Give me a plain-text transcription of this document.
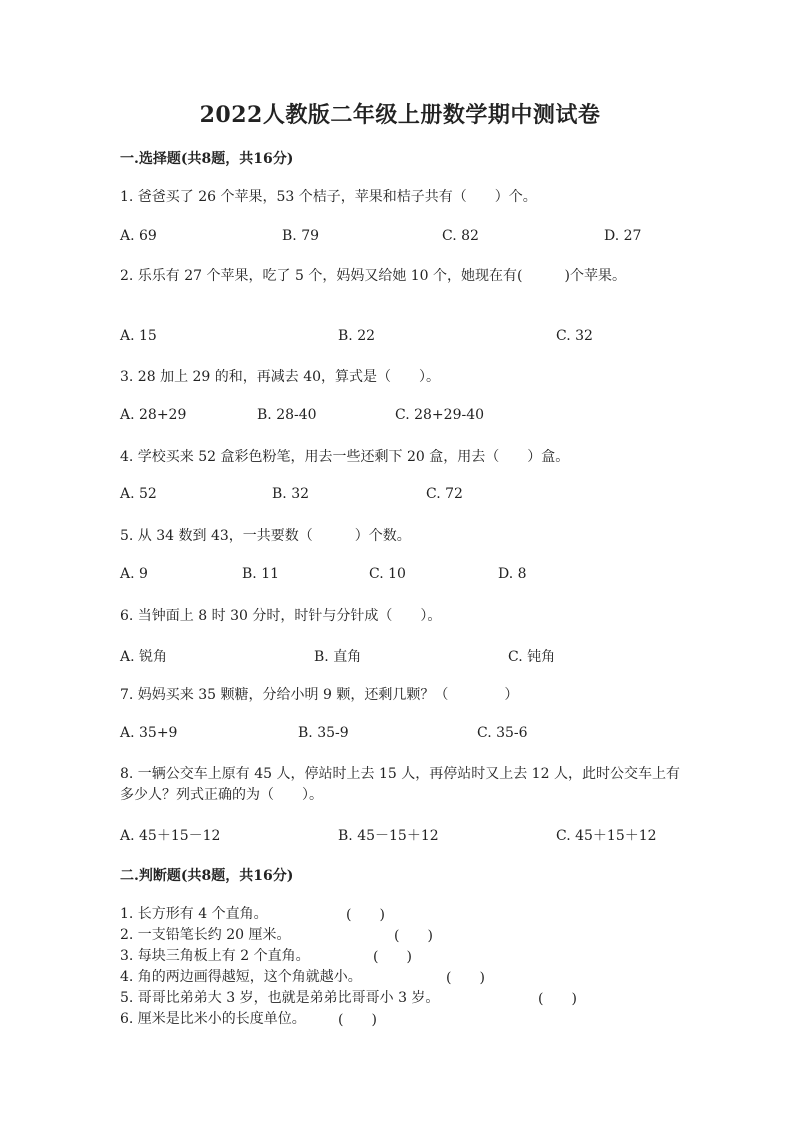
2022人教版二年级上册数学期中测试卷
一.选择题(共8题，共16分)
1. 爸爸买了 26 个苹果，53 个桔子，苹果和桔子共有（　　）个。
A. 69	B. 79	C. 82	D. 27
2. 乐乐有 27 个苹果，吃了 5 个，妈妈又给她 10 个，她现在有(　　　)个苹果。
A. 15	B. 22	C. 32
3. 28 加上 29 的和，再减去 40，算式是（　　）。
A. 28+29	B. 28-40	C. 28+29-40
4. 学校买来 52 盒彩色粉笔，用去一些还剩下 20 盒，用去（　　）盒。
A. 52	B. 32	C. 72
5. 从 34 数到 43，一共要数（　　　）个数。
A. 9	B. 11	C. 10	D. 8
6. 当钟面上 8 时 30 分时，时针与分针成（　　）。
A. 锐角	B. 直角	C. 钝角
7. 妈妈买来 35 颗糖，分给小明 9 颗，还剩几颗？（　　　　）
A. 35+9	B. 35-9	C. 35-6
8. 一辆公交车上原有 45 人，停站时上去 15 人，再停站时又上去 12 人，此时公交车上有多少人？列式正确的为（　　）。
A. 45＋15－12	B. 45－15＋12	C. 45＋15＋12
二.判断题(共8题，共16分)
1. 长方形有 4 个直角。	(　　)
2. 一支铅笔长约 20 厘米。	(　　)
3. 每块三角板上有 2 个直角。	(　　)
4. 角的两边画得越短，这个角就越小。	(　　)
5. 哥哥比弟弟大 3 岁，也就是弟弟比哥哥小 3 岁。	(　　)
6. 厘米是比米小的长度单位。 (　　)
